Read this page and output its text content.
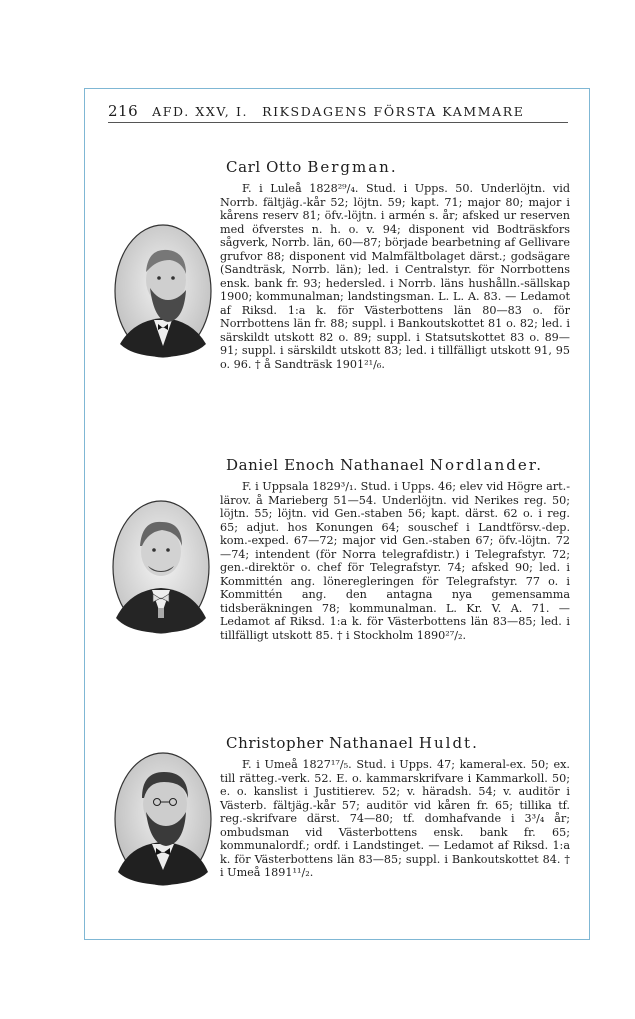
216 AFD. XXV, I. RIKSDAGENS FÖRSTA KAMMARE
Carl Otto Bergman.

F. i Luleå 1828²⁹/₄. Stud. i Upps. 50. Underlöjtn. vid Norrb. fältjäg.-kår 52; löjtn. 59; kapt. 71; major 80; major i kårens reserv 81; öfv.-löjtn. i armén s. år; afsked ur reserven med öfverstes n. h. o. v. 94; disponent vid Bodträskfors sågverk, Norrb. län, 60—87; började bearbetning af Gellivare grufvor 88; disponent vid Malmfältbolaget därst.; godsägare (Sandträsk, Norrb. län); led. i Centralstyr. för Norrbottens ensk. bank fr. 93; hedersled. i Norrb. läns hushålln.-sällskap 1900; kommunalman; landstingsman. L. L. A. 83. — Ledamot af Riksd. 1:a k. för Västerbottens län 80—83 o. för Norrbottens län fr. 88; suppl. i Bankoutskottet 81 o. 82; led. i särskildt utskott 82 o. 89; suppl. i Statsutskottet 83 o. 89—91; suppl. i särskildt utskott 83; led. i tillfälligt utskott 91, 95 o. 96. † å Sandträsk 1901²¹/₆.

Daniel Enoch Nathanael Nordlander.

F. i Uppsala 1829³/₁. Stud. i Upps. 46; elev vid Högre art.-lärov. å Marieberg 51—54. Underlöjtn. vid Nerikes reg. 50; löjtn. 55; löjtn. vid Gen.-staben 56; kapt. därst. 62 o. i reg. 65; adjut. hos Konungen 64; souschef i Landtförsv.-dep. kom.-exped. 67—72; major vid Gen.-staben 67; öfv.-löjtn. 72—74; intendent (för Norra telegrafdistr.) i Telegrafstyr. 72; gen.-direktör o. chef för Telegrafstyr. 74; afsked 90; led. i Kommittén ang. löneregleringen för Telegrafstyr. 77 o. i Kommittén ang. den antagna nya gemensamma tidsberäkningen 78; kommunalman. L. Kr. V. A. 71. — Ledamot af Riksd. 1:a k. för Västerbottens län 83—85; led. i tillfälligt utskott 85. † i Stockholm 1890²⁷/₂.

Christopher Nathanael Huldt.

F. i Umeå 1827¹⁷/₅. Stud. i Upps. 47; kameral-ex. 50; ex. till rätteg.-verk. 52. E. o. kammarskrifvare i Kammarkoll. 50; e. o. kanslist i Justitierev. 52; v. häradsh. 54; v. auditör i Västerb. fältjäg.-kår 57; auditör vid kåren fr. 65; tillika tf. reg.-skrifvare därst. 74—80; tf. domhafvande i 3³/₄ år; ombudsman vid Västerbottens ensk. bank fr. 65; kommunalordf.; ordf. i Landstinget. — Ledamot af Riksd. 1:a k. för Västerbottens län 83—85; suppl. i Bankoutskottet 84. † i Umeå 1891¹¹/₂.
